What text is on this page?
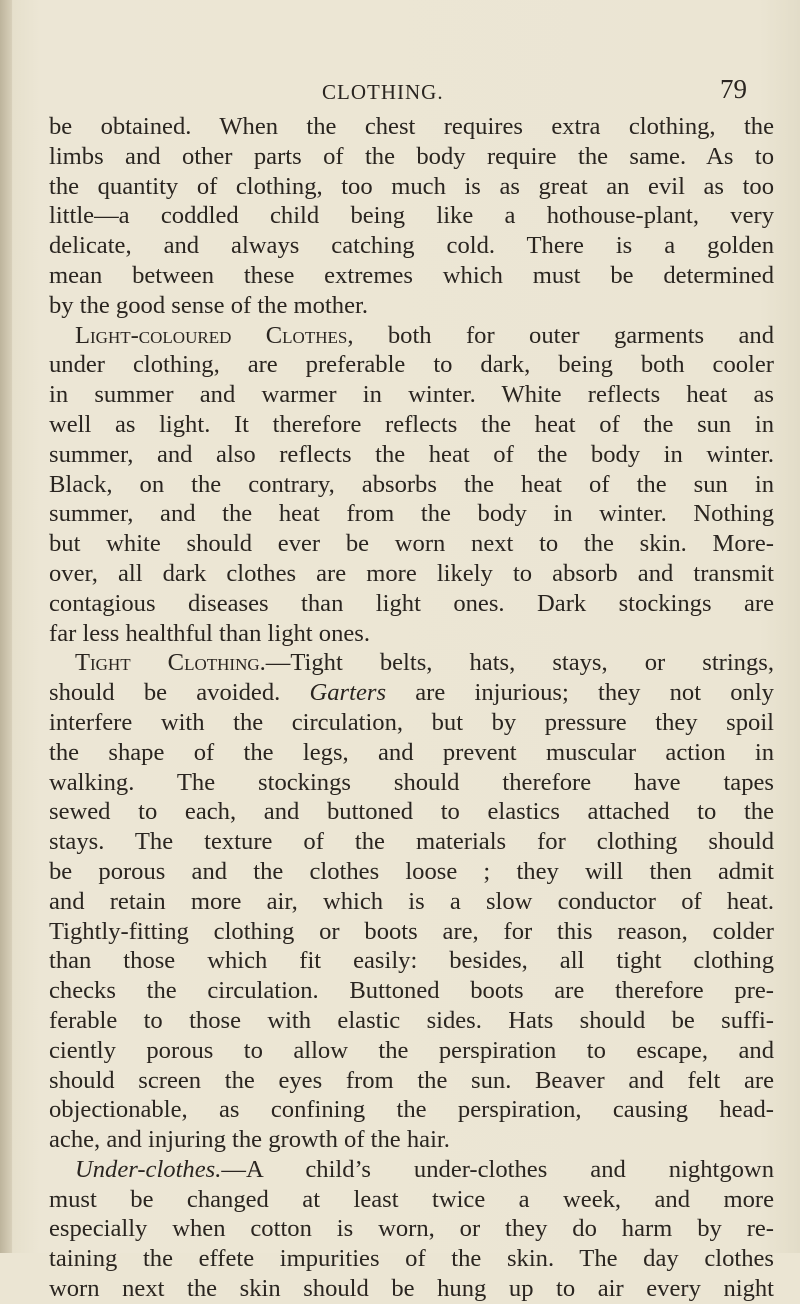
CLOTHING.	79
be obtained. When the chest requires extra clothing, the
limbs and other parts of the body require the same. As to
the quantity of clothing, too much is as great an evil as too
little—a coddled child being like a hothouse-plant, very
delicate, and always catching cold. There is a golden
mean between these extremes which must be determined
by the good sense of the mother.
Light-coloured Clothes, both for outer garments and
under clothing, are preferable to dark, being both cooler
in summer and warmer in winter. White reflects heat as
well as light. It therefore reflects the heat of the sun in
summer, and also reflects the heat of the body in winter.
Black, on the contrary, absorbs the heat of the sun in
summer, and the heat from the body in winter. Nothing
but white should ever be worn next to the skin. More-
over, all dark clothes are more likely to absorb and transmit
contagious diseases than light ones. Dark stockings are
far less healthful than light ones.
Tight Clothing.—Tight belts, hats, stays, or strings,
should be avoided. Garters are injurious; they not only
interfere with the circulation, but by pressure they spoil
the shape of the legs, and prevent muscular action in
walking. The stockings should therefore have tapes
sewed to each, and buttoned to elastics attached to the
stays. The texture of the materials for clothing should
be porous and the clothes loose ; they will then admit
and retain more air, which is a slow conductor of heat.
Tightly-fitting clothing or boots are, for this reason, colder
than those which fit easily: besides, all tight clothing
checks the circulation. Buttoned boots are therefore pre-
ferable to those with elastic sides. Hats should be suffi-
ciently porous to allow the perspiration to escape, and
should screen the eyes from the sun. Beaver and felt are
objectionable, as confining the perspiration, causing head-
ache, and injuring the growth of the hair.
Under-clothes.—A child’s under-clothes and nightgown
must be changed at least twice a week, and more
especially when cotton is worn, or they do harm by re-
taining the effete impurities of the skin. The day clothes
worn next the skin should be hung up to air every night
